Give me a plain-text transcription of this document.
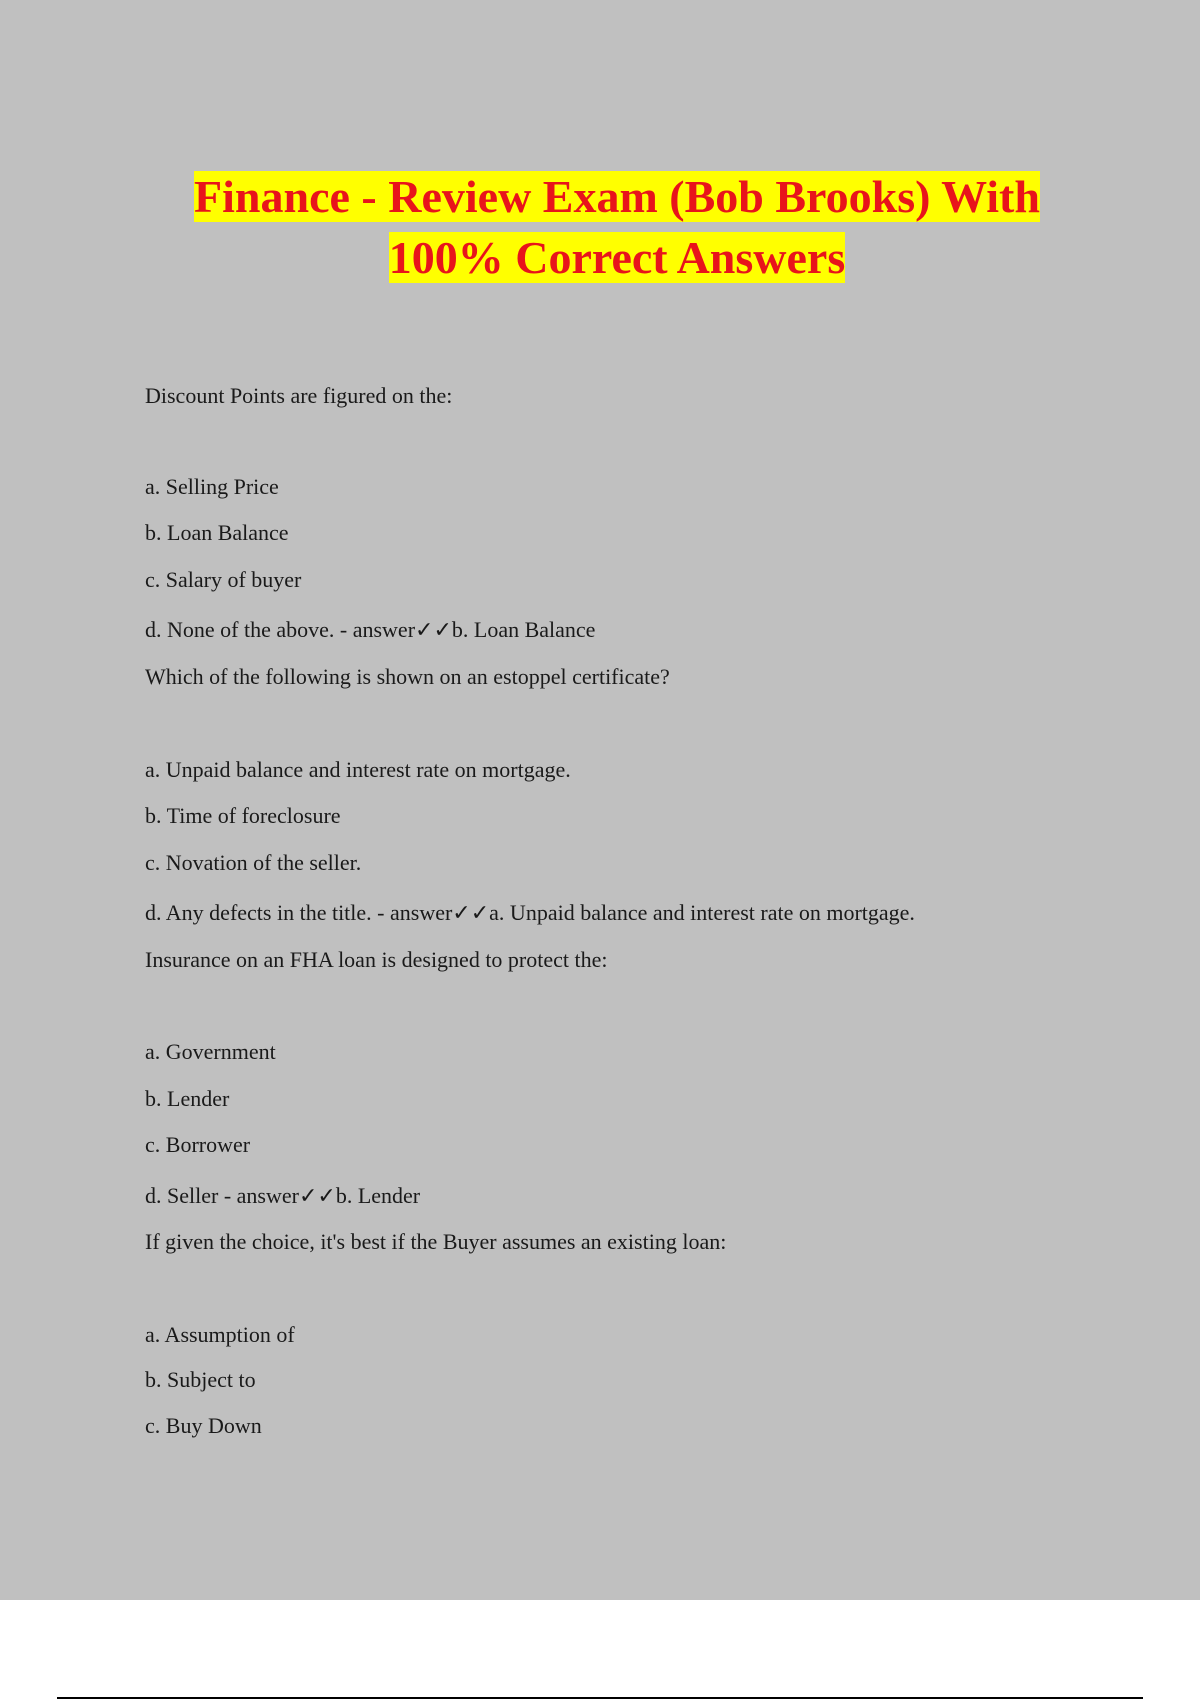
Finance - Review Exam (Bob Brooks) With
100% Correct Answers
Discount Points are figured on the:
a. Selling Price
b. Loan Balance
c. Salary of buyer
d. None of the above. - answer✓✓b. Loan Balance
Which of the following is shown on an estoppel certificate?
a. Unpaid balance and interest rate on mortgage.
b. Time of foreclosure
c. Novation of the seller.
d. Any defects in the title. - answer✓✓a. Unpaid balance and interest rate on mortgage.
Insurance on an FHA loan is designed to protect the:
a. Government
b. Lender
c. Borrower
d. Seller - answer✓✓b. Lender
If given the choice, it's best if the Buyer assumes an existing loan:
a. Assumption of
b. Subject to
c. Buy Down
